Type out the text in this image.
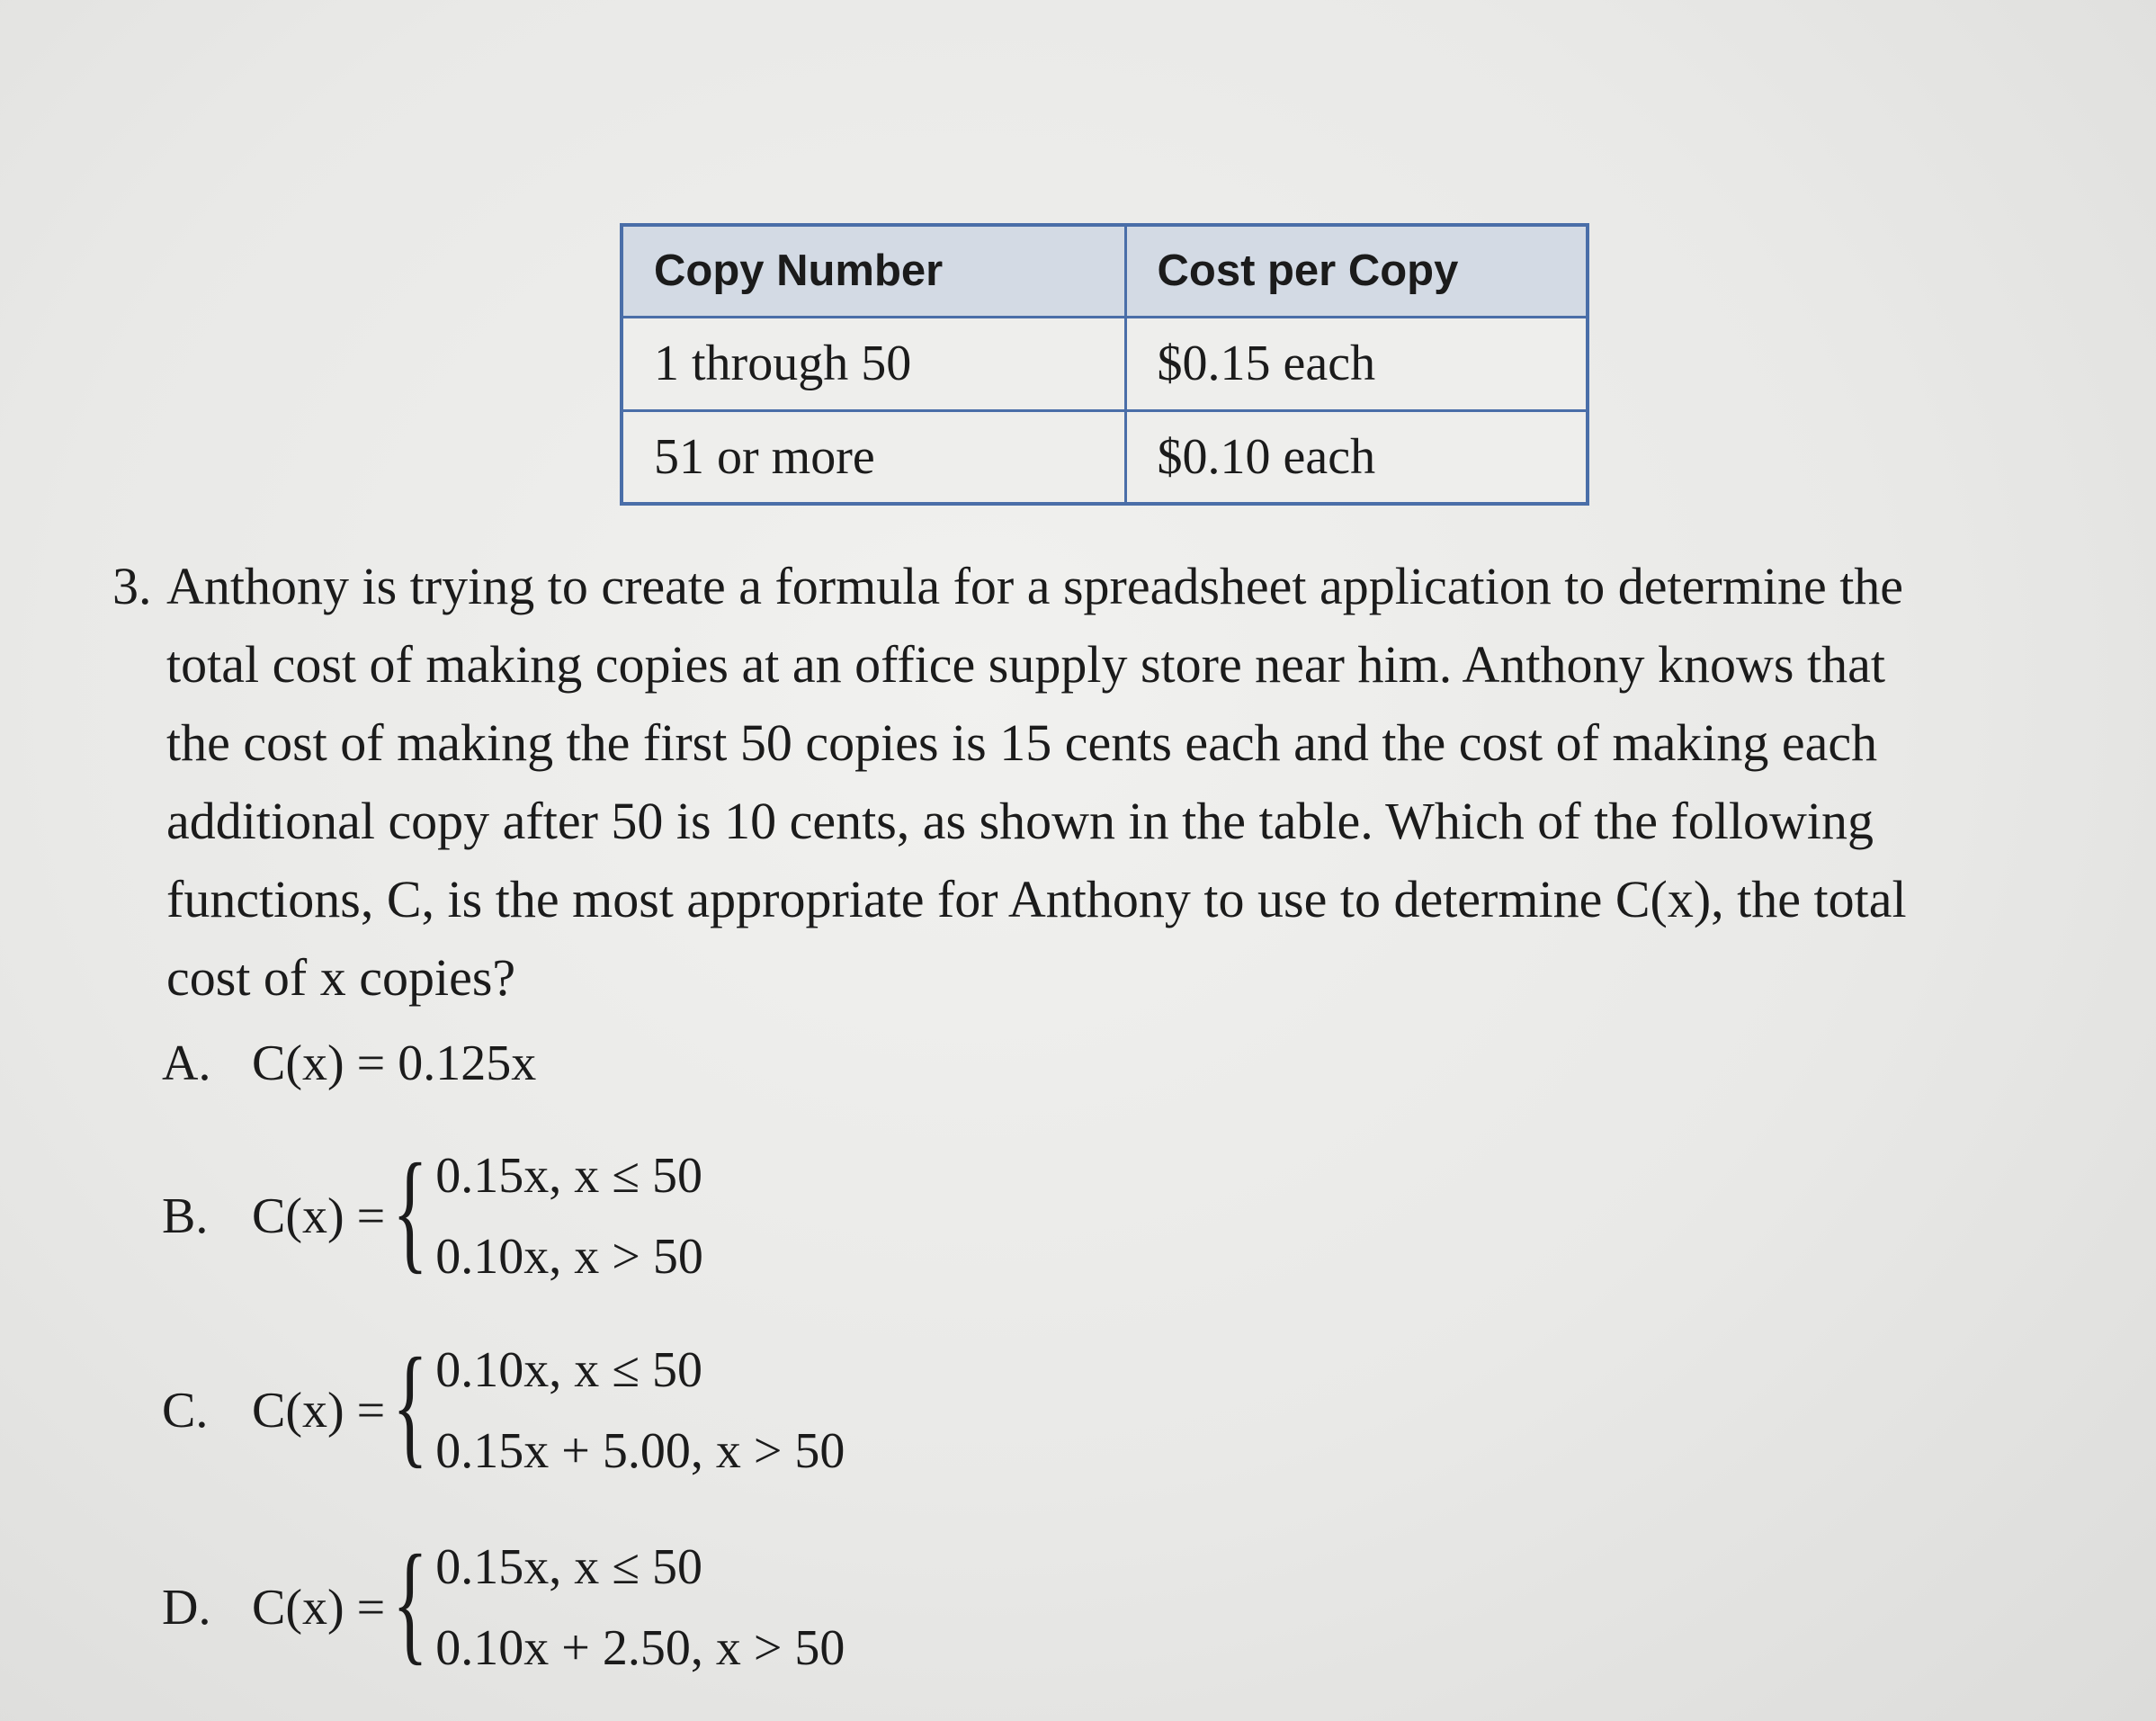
Copy Number	Cost per Copy
1 through 50	$0.15 each
51 or more	$0.10 each
3. Anthony is trying to create a formula for a spreadsheet application to determine the
total cost of making copies at an office supply store near him. Anthony knows that
the cost of making the first 50 copies is 15 cents each and the cost of making each
additional copy after 50 is 10 cents, as shown in the table. Which of the following
functions, C, is the most appropriate for Anthony to use to determine C(x), the total
cost of x copies?
A. C(x) = 0.125x
B. C(x) = { 0.15x, x ≤ 50
0.10x, x > 50
C. C(x) = { 0.10x, x ≤ 50
0.15x + 5.00, x > 50
D. C(x) = { 0.15x, x ≤ 50
0.10x + 2.50, x > 50
